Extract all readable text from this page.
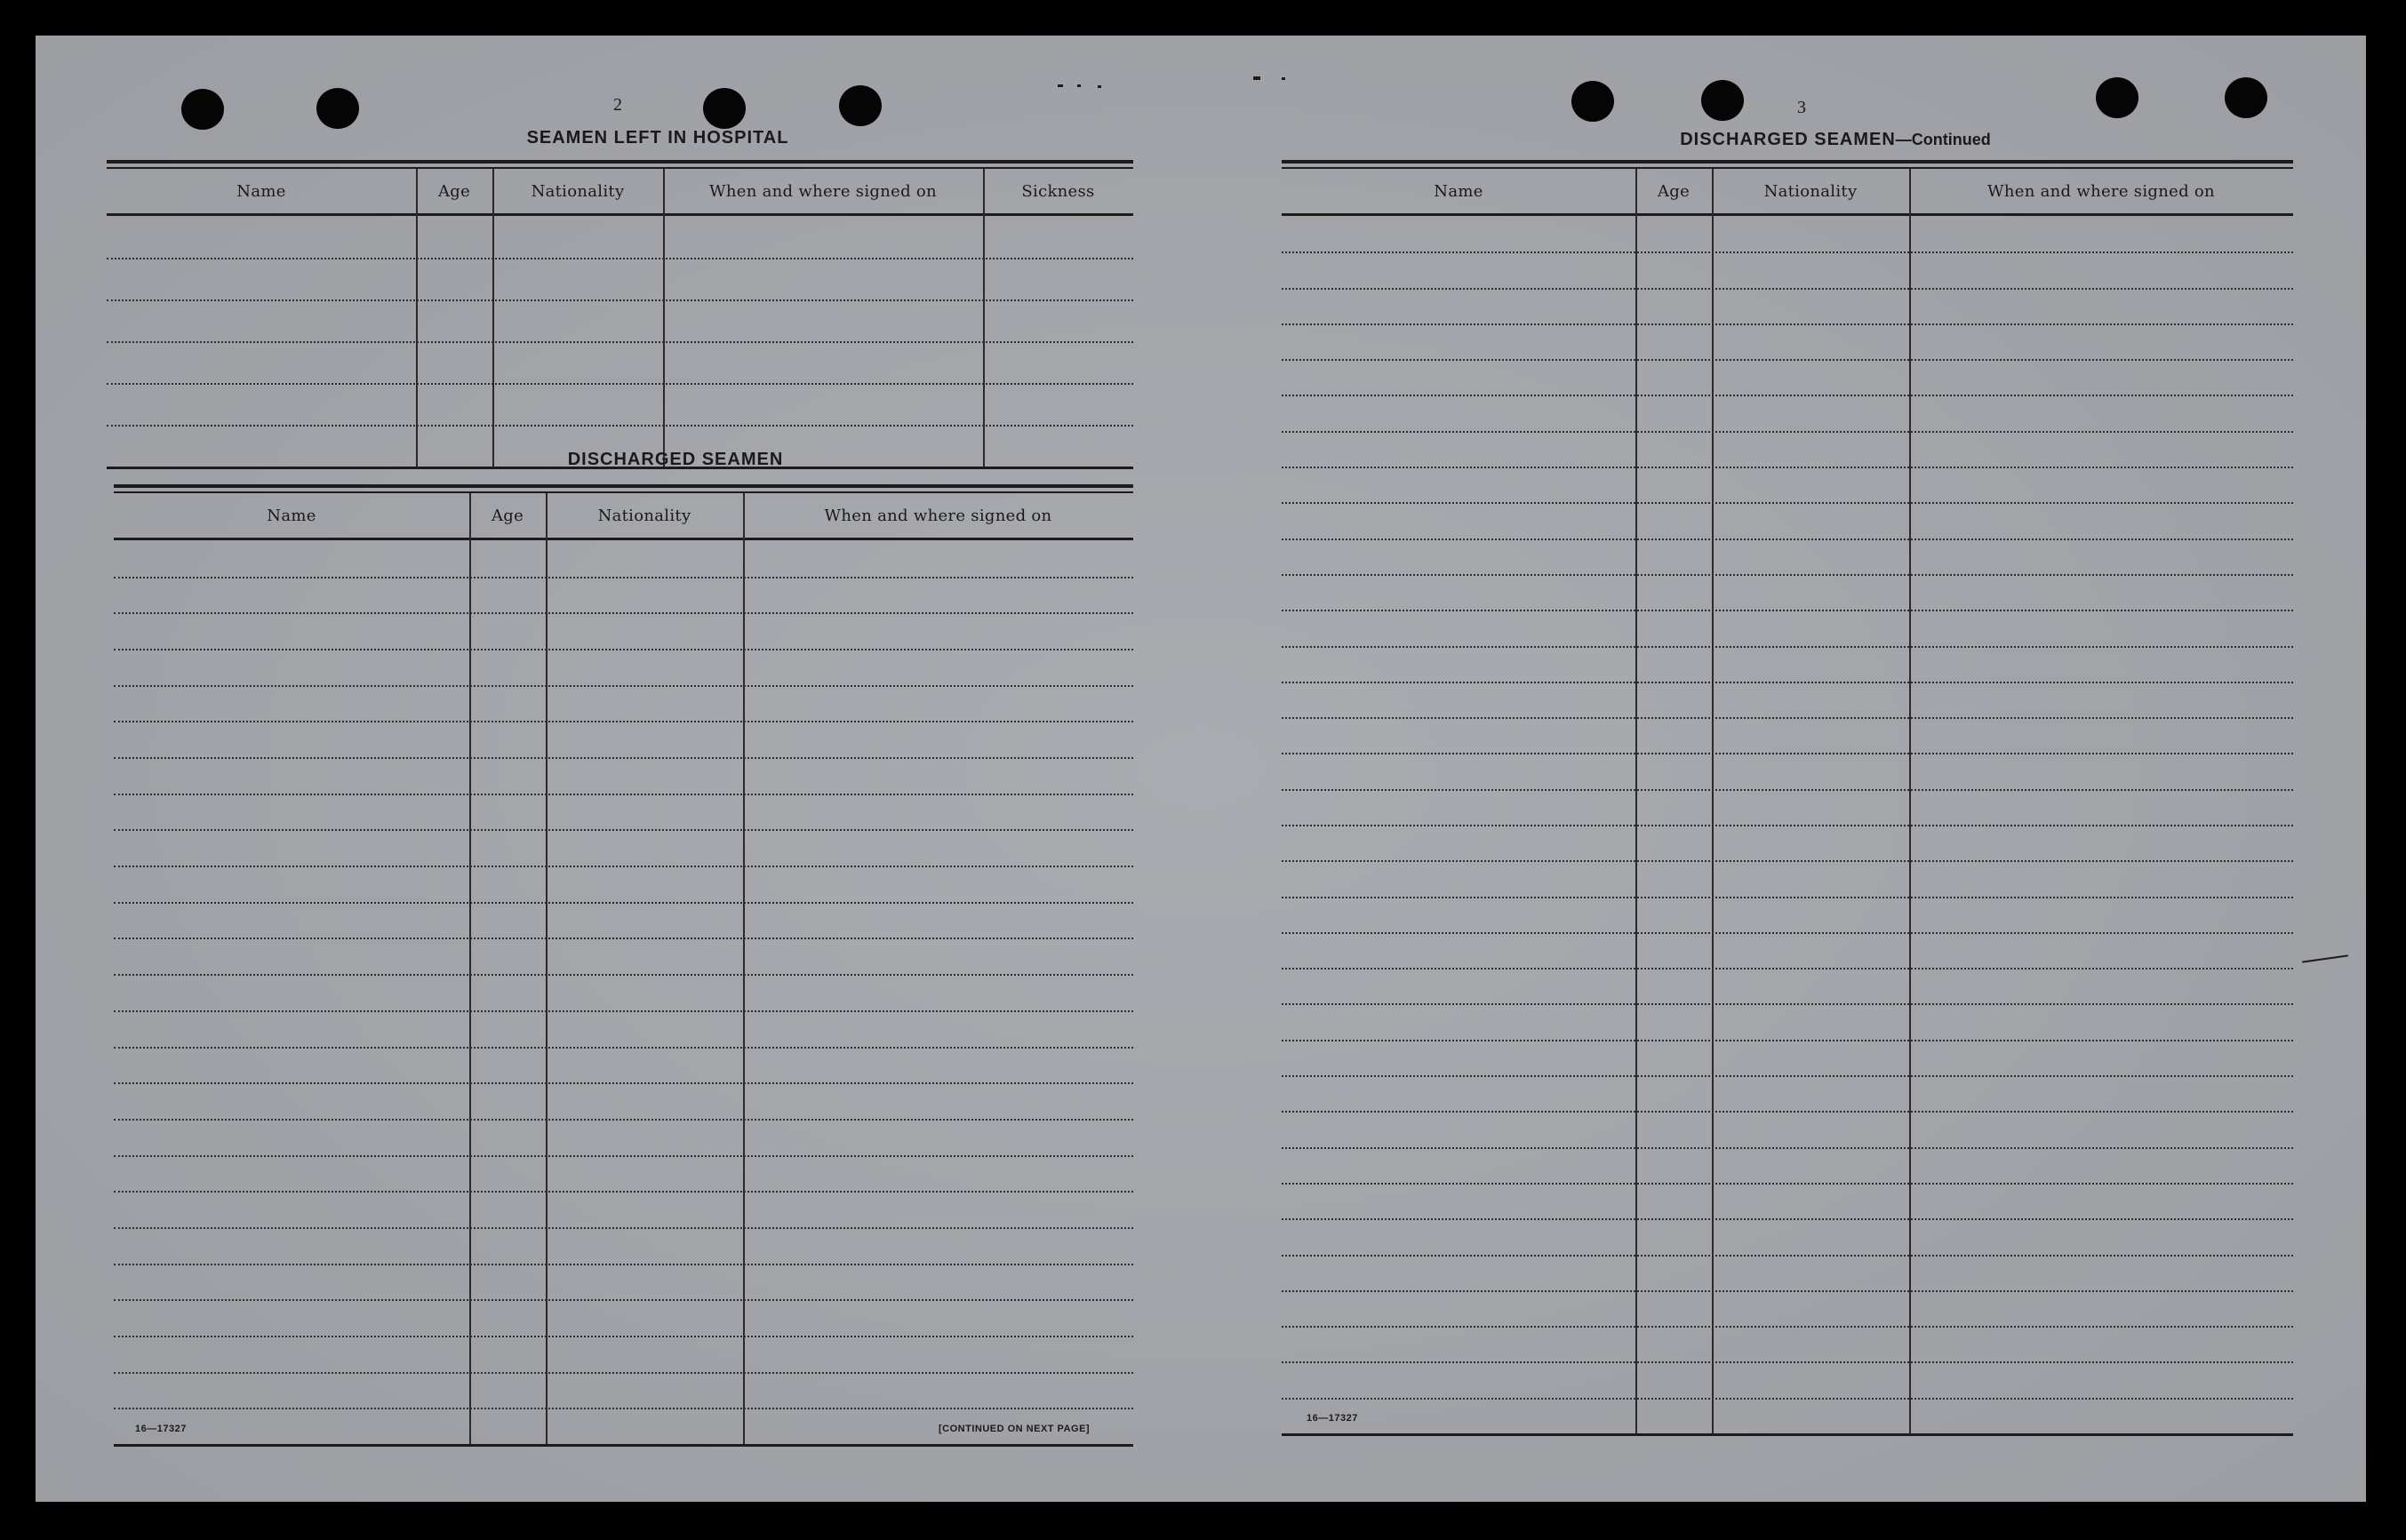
2
SEAMEN LEFT IN HOSPITAL
Name	Age	Nationality	When and where signed on	Sickness
DISCHARGED SEAMEN
Name	Age	Nationality	When and where signed on
16—17327	[CONTINUED ON NEXT PAGE]
3
DISCHARGED SEAMEN—Continued
Name	Age	Nationality	When and where signed on
16—17327
